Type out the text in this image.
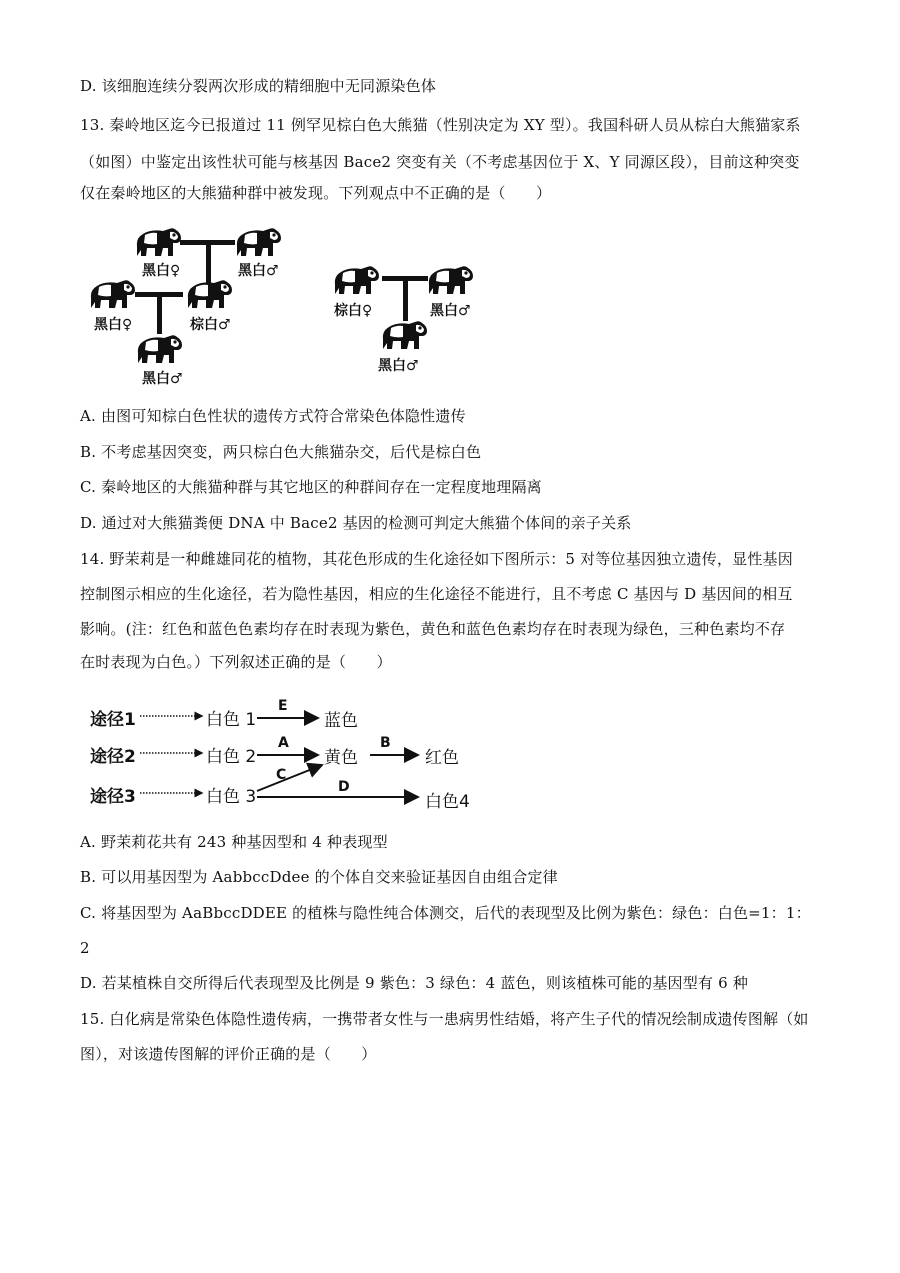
D. 该细胞连续分裂两次形成的精细胞中无同源染色体
13. 秦岭地区迄今已报道过 11 例罕见棕白色大熊猫（性别决定为 XY 型）。我国科研人员从棕白大熊猫家系
（如图）中鉴定出该性状可能与核基因 Bace2 突变有关（不考虑基因位于 X、Y 同源区段），目前这种突变
仅在秦岭地区的大熊猫种群中被发现。下列观点中不正确的是（　　）
黑白♀	黑白♂
黑白♀	棕白♂
黑白♂
棕白♀	黑白♂
黑白♂
A. 由图可知棕白色性状的遗传方式符合常染色体隐性遗传
B. 不考虑基因突变，两只棕白色大熊猫杂交，后代是棕白色
C. 秦岭地区的大熊猫种群与其它地区的种群间存在一定程度地理隔离
D. 通过对大熊猫粪便 DNA 中 Bace2 基因的检测可判定大熊猫个体间的亲子关系
14. 野茉莉是一种雌雄同花的植物，其花色形成的生化途径如下图所示：5 对等位基因独立遗传，显性基因
控制图示相应的生化途径，若为隐性基因，相应的生化途径不能进行，且不考虑 C 基因与 D 基因间的相互
影响。(注：红色和蓝色色素均存在时表现为紫色，黄色和蓝色色素均存在时表现为绿色，三种色素均不存
在时表现为白色。）下列叙述正确的是（　　）
途径1
途径2
途径3
白色 1
白色 2
白色 3
蓝色
黄色	红色
白色4
E
A	B
C
D
A. 野茉莉花共有 243 种基因型和 4 种表现型
B. 可以用基因型为 AabbccDdee 的个体自交来验证基因自由组合定律
C. 将基因型为 AaBbccDDEE 的植株与隐性纯合体测交，后代的表现型及比例为紫色：绿色：白色=1：1：
2
D. 若某植株自交所得后代表现型及比例是 9 紫色：3 绿色：4 蓝色，则该植株可能的基因型有 6 种
15. 白化病是常染色体隐性遗传病，一携带者女性与一患病男性结婚，将产生子代的情况绘制成遗传图解（如
图），对该遗传图解的评价正确的是（　　）
